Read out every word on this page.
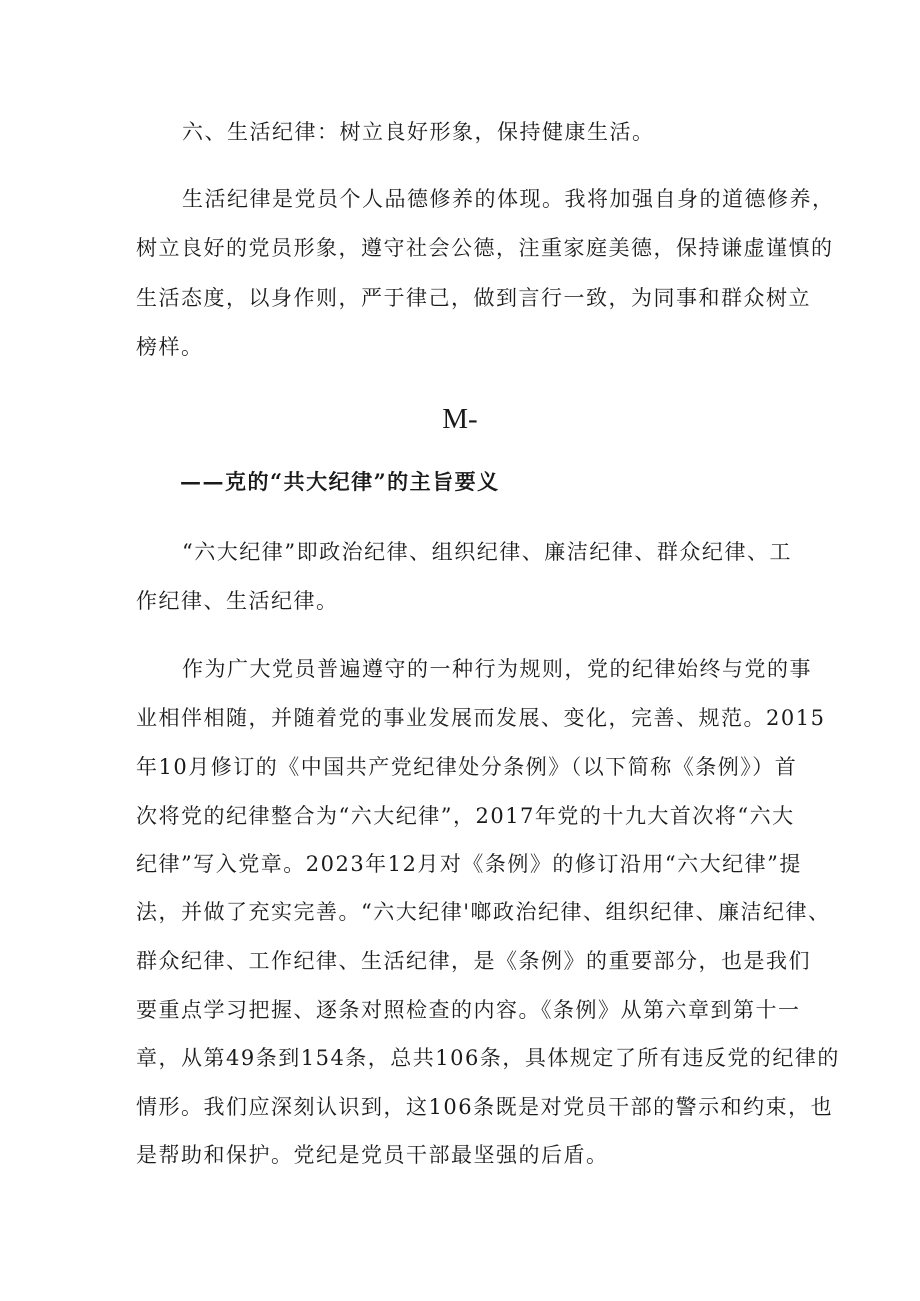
六、生活纪律：树立良好形象，保持健康生活。
生活纪律是党员个人品德修养的体现。我将加强自身的道德修养，
树立良好的党员形象，遵守社会公德，注重家庭美德，保持谦虚谨慎的
生活态度，以身作则，严于律己，做到言行一致，为同事和群众树立
榜样。
M-
——克的“共大纪律”的主旨要义
“六大纪律”即政治纪律、组织纪律、廉洁纪律、群众纪律、工
作纪律、生活纪律。
作为广大党员普遍遵守的一种行为规则，党的纪律始终与党的事
业相伴相随，并随着党的事业发展而发展、变化，完善、规范。2015
年10月修订的《中国共产党纪律处分条例》（以下简称《条例》）首
次将党的纪律整合为“六大纪律”，2017年党的十九大首次将“六大
纪律”写入党章。2023年12月对《条例》的修订沿用“六大纪律”提
法，并做了充实完善。“六大纪律'啷政治纪律、组织纪律、廉洁纪律、
群众纪律、工作纪律、生活纪律，是《条例》的重要部分，也是我们
要重点学习把握、逐条对照检查的内容。《条例》从第六章到第十一
章，从第49条到154条，总共106条，具体规定了所有违反党的纪律的
情形。我们应深刻认识到，这106条既是对党员干部的警示和约束，也
是帮助和保护。党纪是党员干部最坚强的后盾。
